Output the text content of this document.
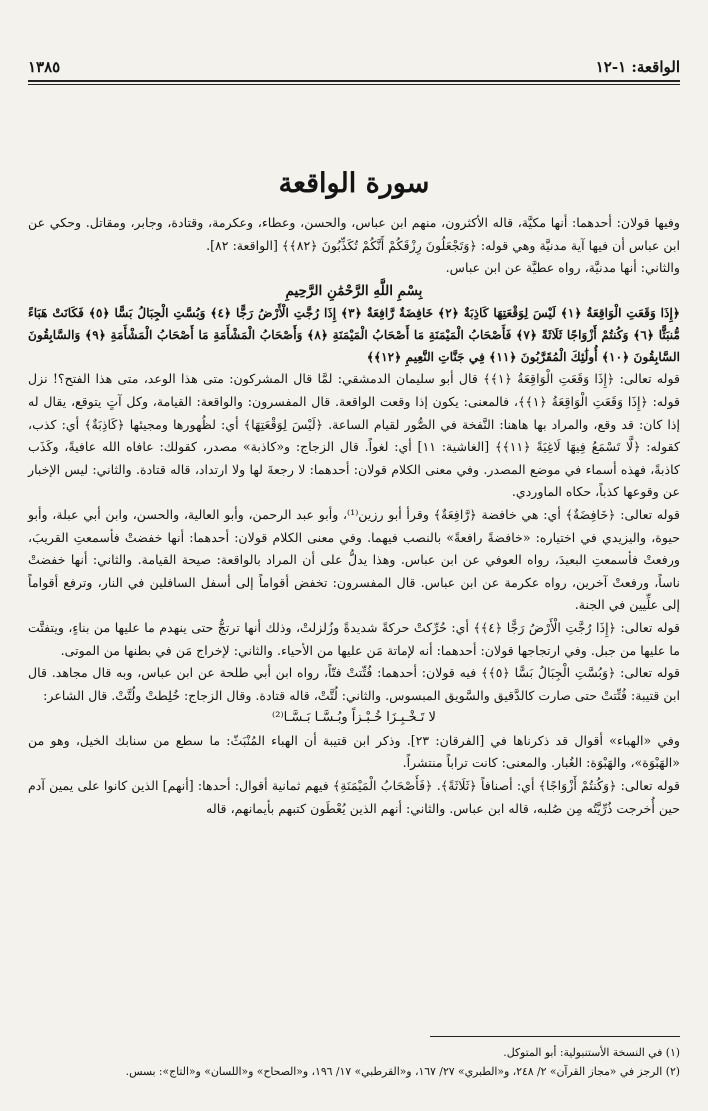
الواقعة: ١-١٢
١٣٨٥
سورة الواقعة

وفيها قولان: أحدهما: أنها مكيَّة، قاله الأكثرون، منهم ابن عباس، والحسن، وعطاء، وعكرمة، وقتادة، وجابر، ومقاتل. وحكي عن ابن عباس أن فيها آية مدنيَّة وهي قوله: ﴿وَتَجْعَلُونَ رِزْقَكُمْ أَنَّكُمْ تُكَذِّبُونَ ﴿٨٢﴾﴾ [الواقعة: ٨٢].

والثاني: أنها مدنيَّة، رواه عطيَّة عن ابن عباس.

بِسْمِ اللَّهِ الرَّحْمَٰنِ الرَّحِيمِ

﴿إِذَا وَقَعَتِ الْوَاقِعَةُ ﴿١﴾ لَيْسَ لِوَقْعَتِهَا كَاذِبَةٌ ﴿٢﴾ خَافِضَةٌ رَّافِعَةٌ ﴿٣﴾ إِذَا رُجَّتِ الْأَرْضُ رَجًّا ﴿٤﴾ وَبُسَّتِ الْجِبَالُ بَسًّا ﴿٥﴾ فَكَانَتْ هَبَاءً مُّنبَثًّا ﴿٦﴾ وَكُنتُمْ أَزْوَاجًا ثَلَاثَةً ﴿٧﴾ فَأَصْحَابُ الْمَيْمَنَةِ مَا أَصْحَابُ الْمَيْمَنَةِ ﴿٨﴾ وَأَصْحَابُ الْمَشْأَمَةِ مَا أَصْحَابُ الْمَشْأَمَةِ ﴿٩﴾ وَالسَّابِقُونَ السَّابِقُونَ ﴿١٠﴾ أُولَٰئِكَ الْمُقَرَّبُونَ ﴿١١﴾ فِي جَنَّاتِ النَّعِيمِ ﴿١٢﴾﴾

قوله تعالى: ﴿إِذَا وَقَعَتِ الْوَاقِعَةُ ﴿١﴾﴾ قال أبو سليمان الدمشقي: لمَّا قال المشركون: متى هذا الوعد، متى هذا الفتح؟! نزل قوله: ﴿إِذَا وَقَعَتِ الْوَاقِعَةُ ﴿١﴾﴾، فالمعنى: يكون إذا وقعت الواقعة. قال المفسرون: والواقعة: القيامة، وكل آتٍ يتوقع، يقال له إذا كان: قد وقع، والمراد بها هاهنا: النَّفخة في الصُّور لقيام الساعة. ﴿لَيْسَ لِوَقْعَتِهَا﴾ أي: لظُهورها ومجيئها ﴿كَاذِبَةٌ﴾ أي: كذب، كقوله: ﴿لَّا تَسْمَعُ فِيهَا لَاغِيَةً ﴿١١﴾﴾ [الغاشية: ١١] أي: لغواً. قال الزجاج: و«كاذبة» مصدر، كقولك: عافاه الله عافيةً، وكَذَب كاذبةً، فهذه أسماء في موضع المصدر. وفي معنى الكلام قولان: أحدهما: لا رجعةَ لها ولا ارتداد، قاله قتادة. والثاني: ليس الإخبار عن وقوعها كذباً، حكاه الماوردي.

قوله تعالى: ﴿خَافِضَةٌ﴾ أي: هي خافضة ﴿رَّافِعَةٌ﴾ وقرأ أبو رزين⁽¹⁾، وأبو عبد الرحمن، وأبو العالية، والحسن، وابن أبي عبلة، وأبو حيوة، واليزيدي في اختياره: «خافضةً رافعةً» بالنصب فيهما. وفي معنى الكلام قولان: أحدهما: أنها خفضتْ فأسمعتِ القريبَ، ورفعتْ فأسمعتِ البعيدَ، رواه العوفي عن ابن عباس. وهذا يدلُّ على أن المراد بالواقعة: صيحة القيامة. والثاني: أنها خفضتْ ناساً، ورفعتْ آخرين، رواه عكرمة عن ابن عباس. قال المفسرون: تخفض أقواماً إلى أسفل السافلين في النار، وترفع أقواماً إلى علِّيين في الجنة.

قوله تعالى: ﴿إِذَا رُجَّتِ الْأَرْضُ رَجًّا ﴿٤﴾﴾ أي: حُرِّكتْ حركةً شديدةً وزُلزلتْ، وذلك أنها ترتجُّ حتى ينهدم ما عليها من بناءٍ، ويتفتَّت ما عليها من جبل. وفي ارتجاجها قولان: أحدهما: أنه لإماتة مَن عليها من الأحياء. والثاني: لإخراج مَن في بطنها من الموتى.

قوله تعالى: ﴿وَبُسَّتِ الْجِبَالُ بَسًّا ﴿٥﴾﴾ فيه قولان: أحدهما: فُتِّتتْ فتّاً، رواه ابن أبي طلحة عن ابن عباس، وبه قال مجاهد. قال ابن قتيبة: فُتِّتتْ حتى صارت كالدَّقيق والسَّويق المبسوس. والثاني: لُتَّتْ، قاله قتادة. وقال الزجاج: خُلِطتْ ولُتَّتْ. قال الشاعر:

لا تَـخْـبِـزَا خُـبْـزاً وبُـسَّـا بَـسَّـا⁽²⁾

وفي «الهباء» أقوال قد ذكرناها في [الفرقان: ٢٣]. وذكر ابن قتيبة أن الهباء المُنْبَثّ: ما سطع من سنابك الخيل، وهو من «الهَبْوَة»، والهَبْوَة: الغُبار. والمعنى: كانت تراباً منتشراً.

قوله تعالى: ﴿وَكُنتُمْ أَزْوَاجًا﴾ أي: أصنافاً ﴿ثَلَاثَةً﴾. ﴿فَأَصْحَابُ الْمَيْمَنَةِ﴾ فيهم ثمانية أقوال: أحدها: [أنهم] الذين كانوا على يمين آدم حين أُخرجت ذُرِّيَّتُه مِن صُلبه، قاله ابن عباس. والثاني: أنهم الذين يُعْطَون كتبهم بأيمانهم، قاله

(١) في النسخة الأستنبولية: أبو المتوكل.

(٢) الرجز في «مجاز القرآن» ٢/ ٢٤٨، و«الطبري» ٢٧/ ١٦٧، و«القرطبي» ١٧/ ١٩٦، و«الصحاح» و«اللسان» و«التاج»: بسس.
